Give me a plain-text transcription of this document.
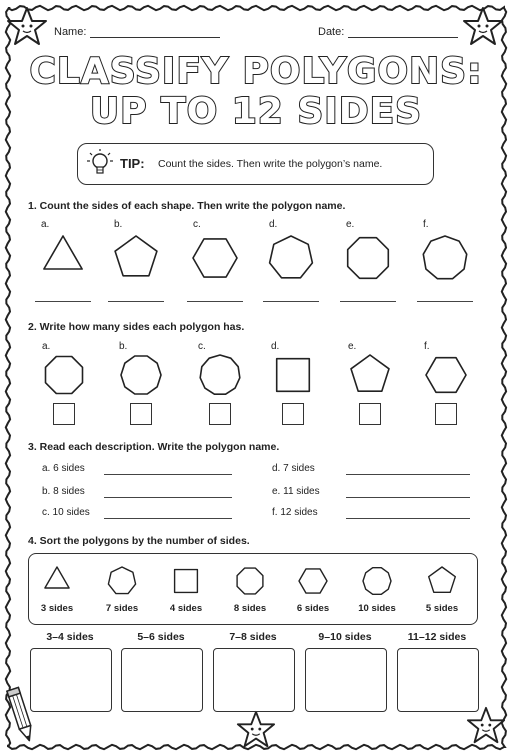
Name:	Date:
CLASSIFY POLYGONS:
UP TO 12 SIDES
TIP: Count the sides. Then write the polygon’s name.
1. Count the sides of each shape. Then write the polygon name.
a.	b.	c.	d.	e.	f.
2. Write how many sides each polygon has.
a.	b.	c.	d.	e.	f.
3. Read each description. Write the polygon name.
a. 6 sides
b. 8 sides
c. 10 sides
d. 7 sides
e. 11 sides
f. 12 sides
4. Sort the polygons by the number of sides.
3 sides	7 sides	4 sides	8 sides	6 sides	10 sides	5 sides
3–4 sides	5–6 sides	7–8 sides	9–10 sides	11–12 sides
